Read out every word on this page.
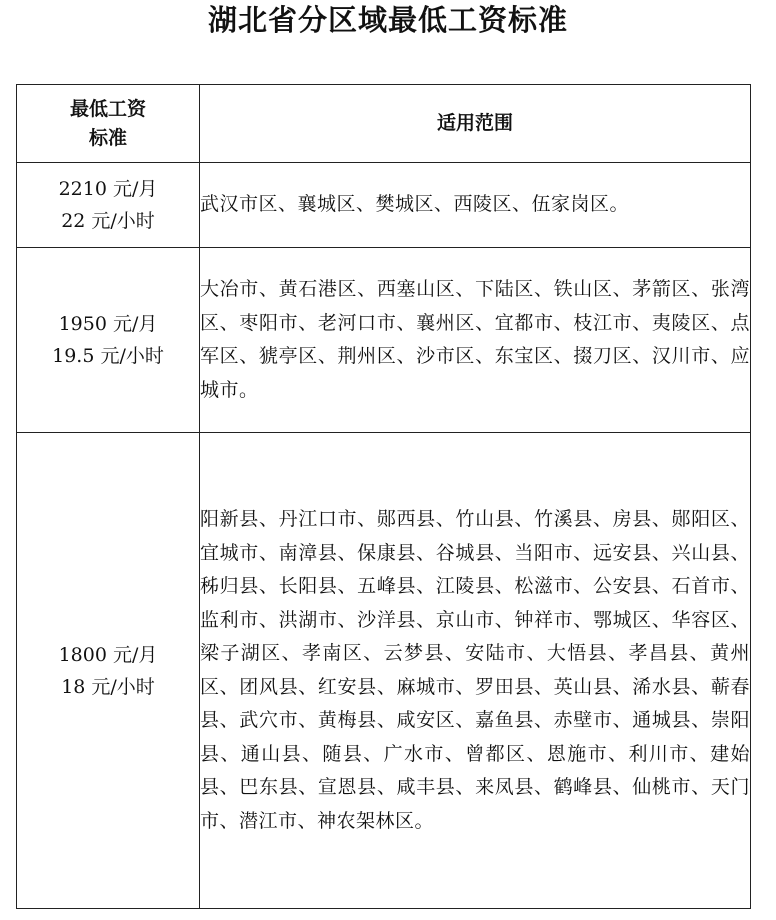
湖北省分区域最低工资标准
最低工资
标准	适用范围

2210 元/月
22 元/小时	武汉市区、襄城区、樊城区、西陵区、伍家岗区。

1950 元/月
19.5 元/小时	大冶市、黄石港区、西塞山区、下陆区、铁山区、茅箭区、张湾区、枣阳市、老河口市、襄州区、宜都市、枝江市、夷陵区、点军区、猇亭区、荆州区、沙市区、东宝区、掇刀区、汉川市、应城市。

1800 元/月
18 元/小时	阳新县、丹江口市、郧西县、竹山县、竹溪县、房县、郧阳区、宜城市、南漳县、保康县、谷城县、当阳市、远安县、兴山县、秭归县、长阳县、五峰县、江陵县、松滋市、公安县、石首市、监利市、洪湖市、沙洋县、京山市、钟祥市、鄂城区、华容区、梁子湖区、孝南区、云梦县、安陆市、大悟县、孝昌县、黄州区、团风县、红安县、麻城市、罗田县、英山县、浠水县、蕲春县、武穴市、黄梅县、咸安区、嘉鱼县、赤壁市、通城县、崇阳县、通山县、随县、广水市、曾都区、恩施市、利川市、建始县、巴东县、宣恩县、咸丰县、来凤县、鹤峰县、仙桃市、天门市、潜江市、神农架林区。
